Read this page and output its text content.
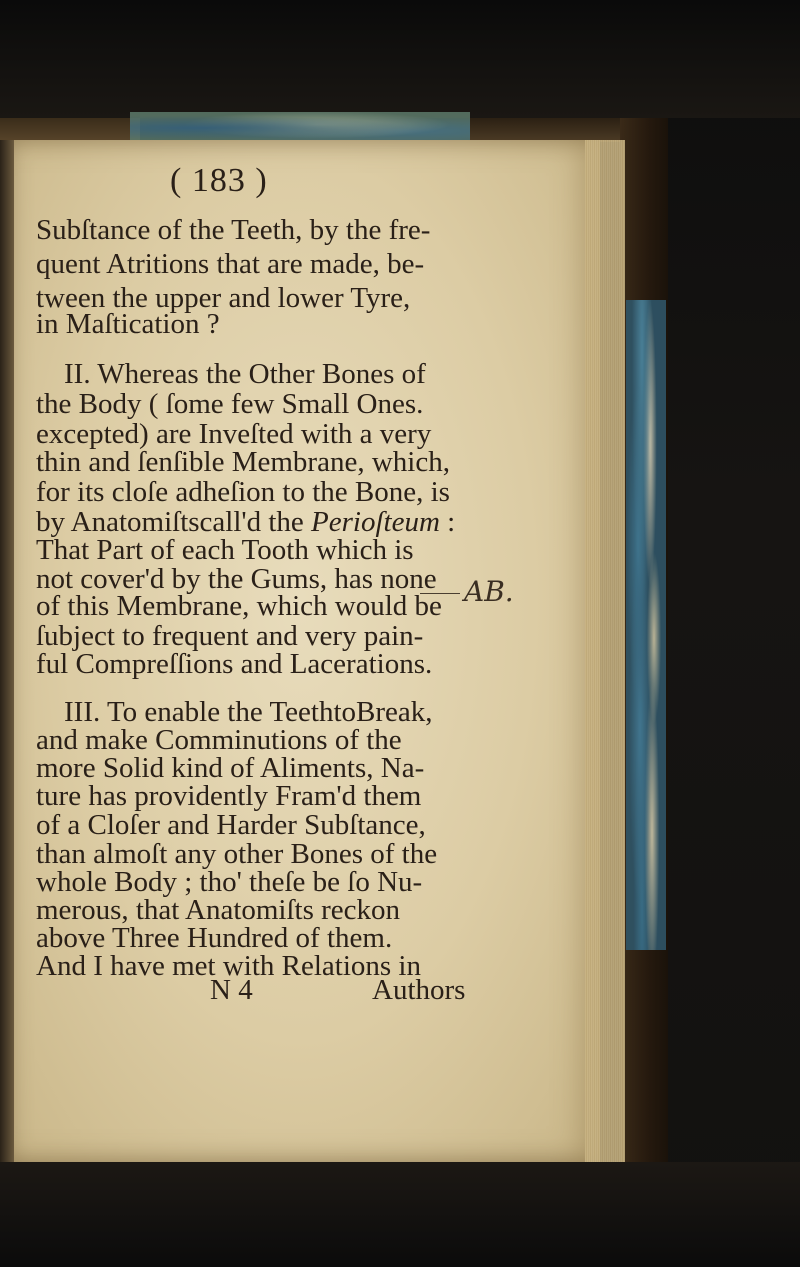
( 183 )
Subſtance of the Teeth, by the fre-
quent Atritions that are made, be-
tween the upper and lower Tyre,
in Maſtication ?
II. Whereas the Other Bones of
the Body ( ſome few Small Ones.
excepted) are Inveſted with a very
thin and ſenſible Membrane, which,
for its cloſe adheſion to the Bone, is
by Anatomiſtscall'd the Perioſteum :
That Part of each Tooth which is
not cover'd by the Gums, has none
of this Membrane, which would be
ſubject to frequent and very pain-
ful Compreſſions and Lacerations.
III. To enable the TeethtoBreak,
and make Comminutions of the
more Solid kind of Aliments, Na-
ture has providently Fram'd them
of a Cloſer and Harder Subſtance,
than almoſt any other Bones of the
whole Body ; tho' theſe be ſo Nu-
merous, that Anatomiſts reckon
above Three Hundred of them.
And I have met with Relations in
N 4	Authors
AB.
